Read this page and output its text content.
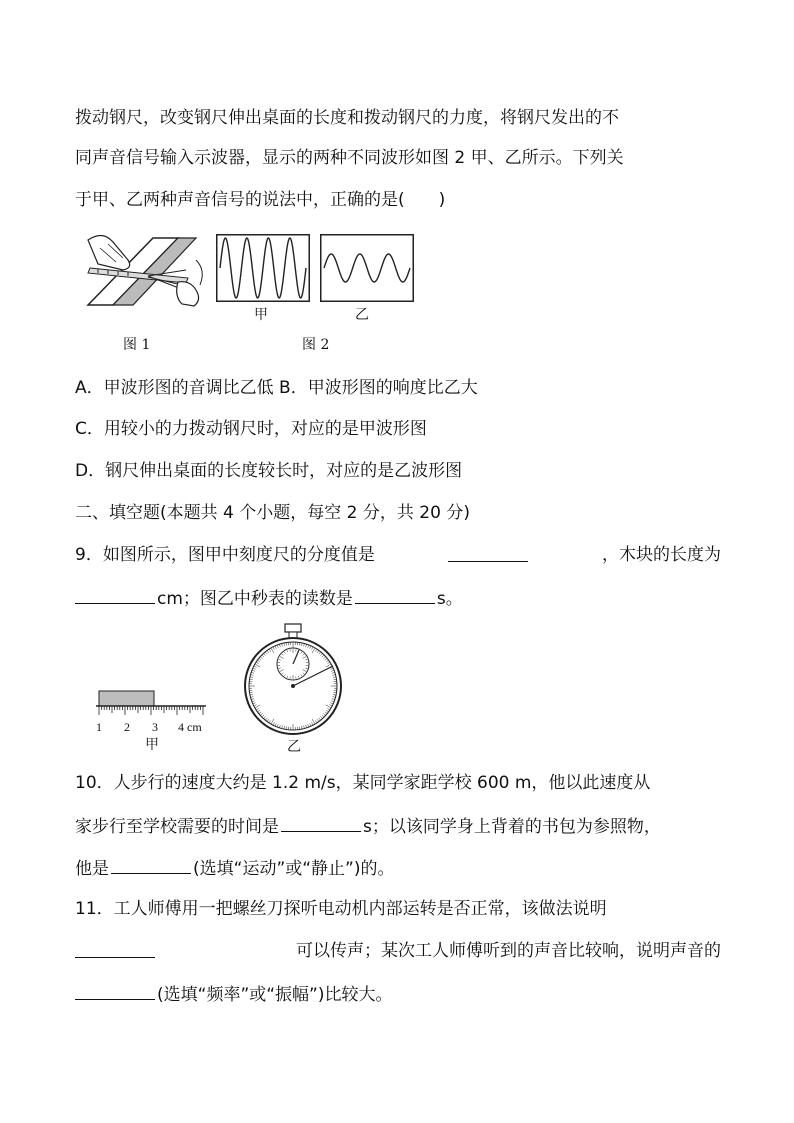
拨动钢尺，改变钢尺伸出桌面的长度和拨动钢尺的力度，将钢尺发出的不
同声音信号输入示波器，显示的两种不同波形如图 2 甲、乙所示。下列关
于甲、乙两种声音信号的说法中，正确的是(　　)
图 1
甲	乙
图 2
A．甲波形图的音调比乙低 B．甲波形图的响度比乙大
C．用较小的力拨动钢尺时，对应的是甲波形图
D．钢尺伸出桌面的长度较长时，对应的是乙波形图
二、填空题(本题共 4 个小题，每空 2 分，共 20 分)
9．如图所示，图甲中刻度尺的分度值是	，木块的长度为
cm；图乙中秒表的读数是	s。
1 2 3 4 cm
甲	乙
10．人步行的速度大约是 1.2 m/s，某同学家距学校 600 m，他以此速度从
家步行至学校需要的时间是	s；以该同学身上背着的书包为参照物，
他是	(选填“运动”或“静止”)的。
11．工人师傅用一把螺丝刀探听电动机内部运转是否正常，该做法说明
可以传声；某次工人师傅听到的声音比较响，说明声音的
(选填“频率”或“振幅”)比较大。
